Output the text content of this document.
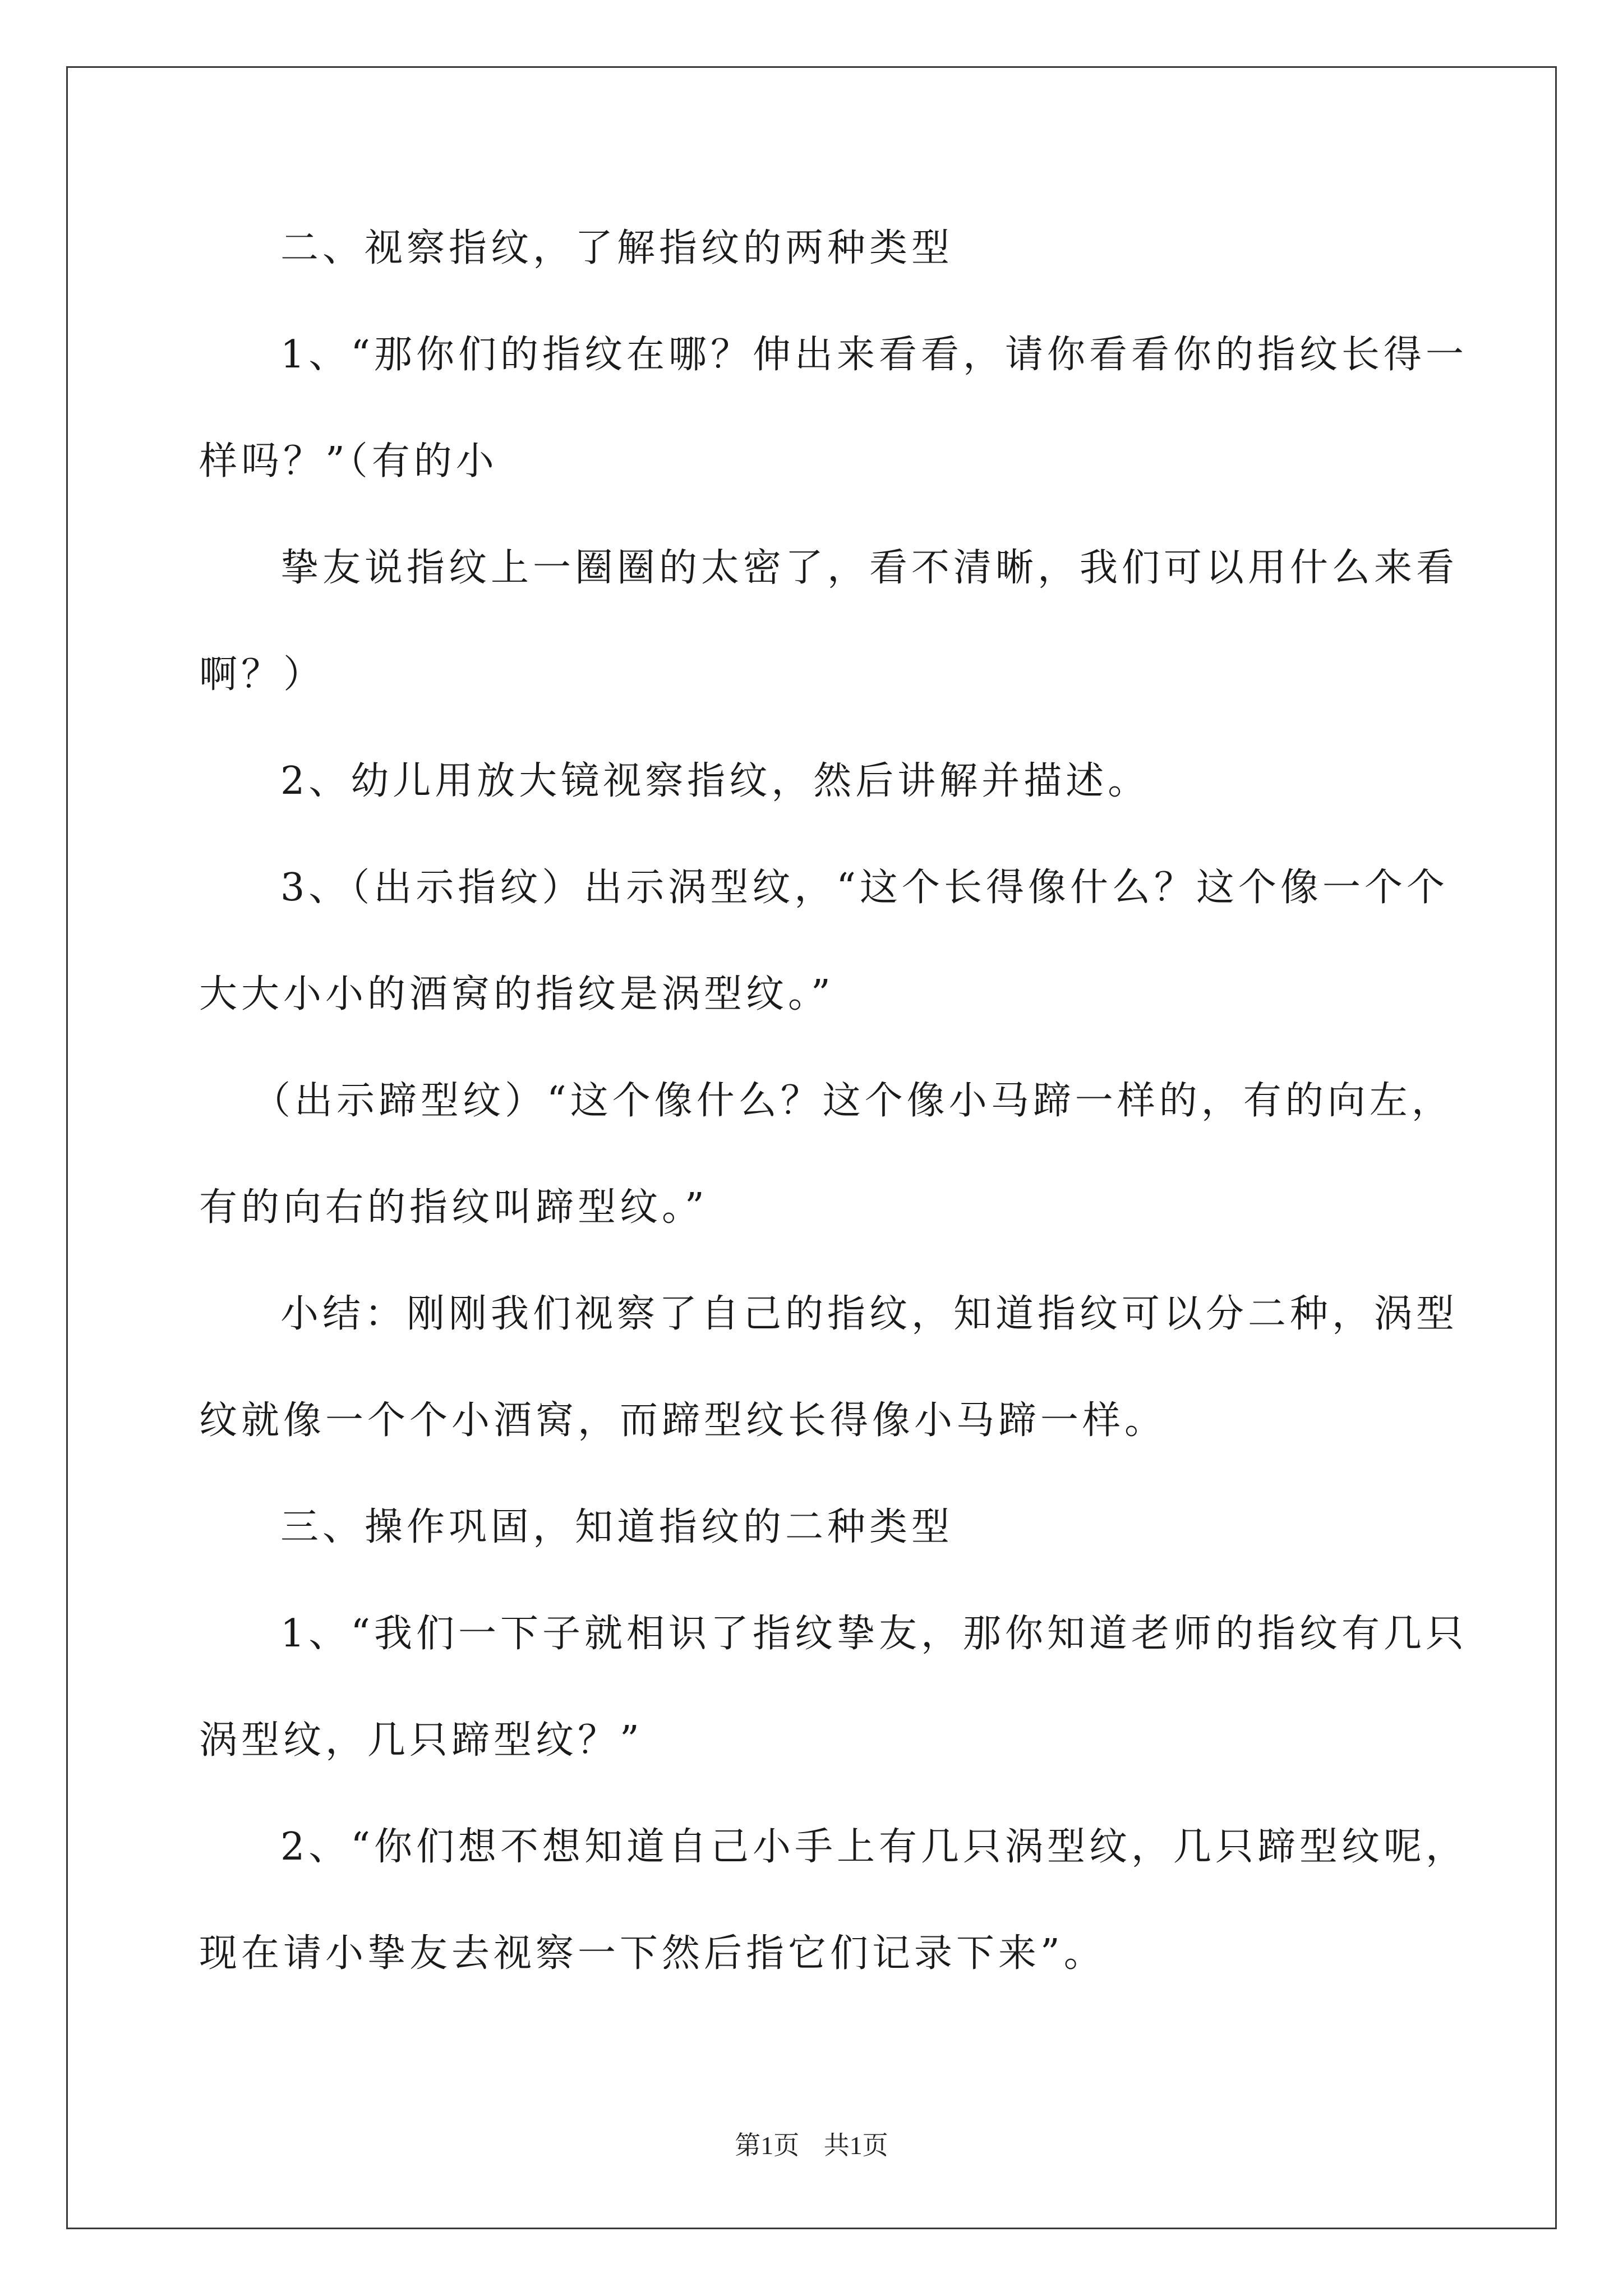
二、视察指纹，了解指纹的两种类型
1、“那你们的指纹在哪？伸出来看看，请你看看你的指纹长得一
样吗？”（有的小
挚友说指纹上一圈圈的太密了，看不清晰，我们可以用什么来看
啊？）
2、幼儿用放大镜视察指纹，然后讲解并描述。
3、（出示指纹）出示涡型纹，“这个长得像什么？这个像一个个
大大小小的酒窝的指纹是涡型纹。”
（出示蹄型纹）“这个像什么？这个像小马蹄一样的，有的向左，
有的向右的指纹叫蹄型纹。”
小结：刚刚我们视察了自己的指纹，知道指纹可以分二种，涡型
纹就像一个个小酒窝，而蹄型纹长得像小马蹄一样。
三、操作巩固，知道指纹的二种类型
1、“我们一下子就相识了指纹挚友，那你知道老师的指纹有几只
涡型纹，几只蹄型纹？”
2、“你们想不想知道自己小手上有几只涡型纹，几只蹄型纹呢，
现在请小挚友去视察一下然后指它们记录下来”。
第1页 共1页
